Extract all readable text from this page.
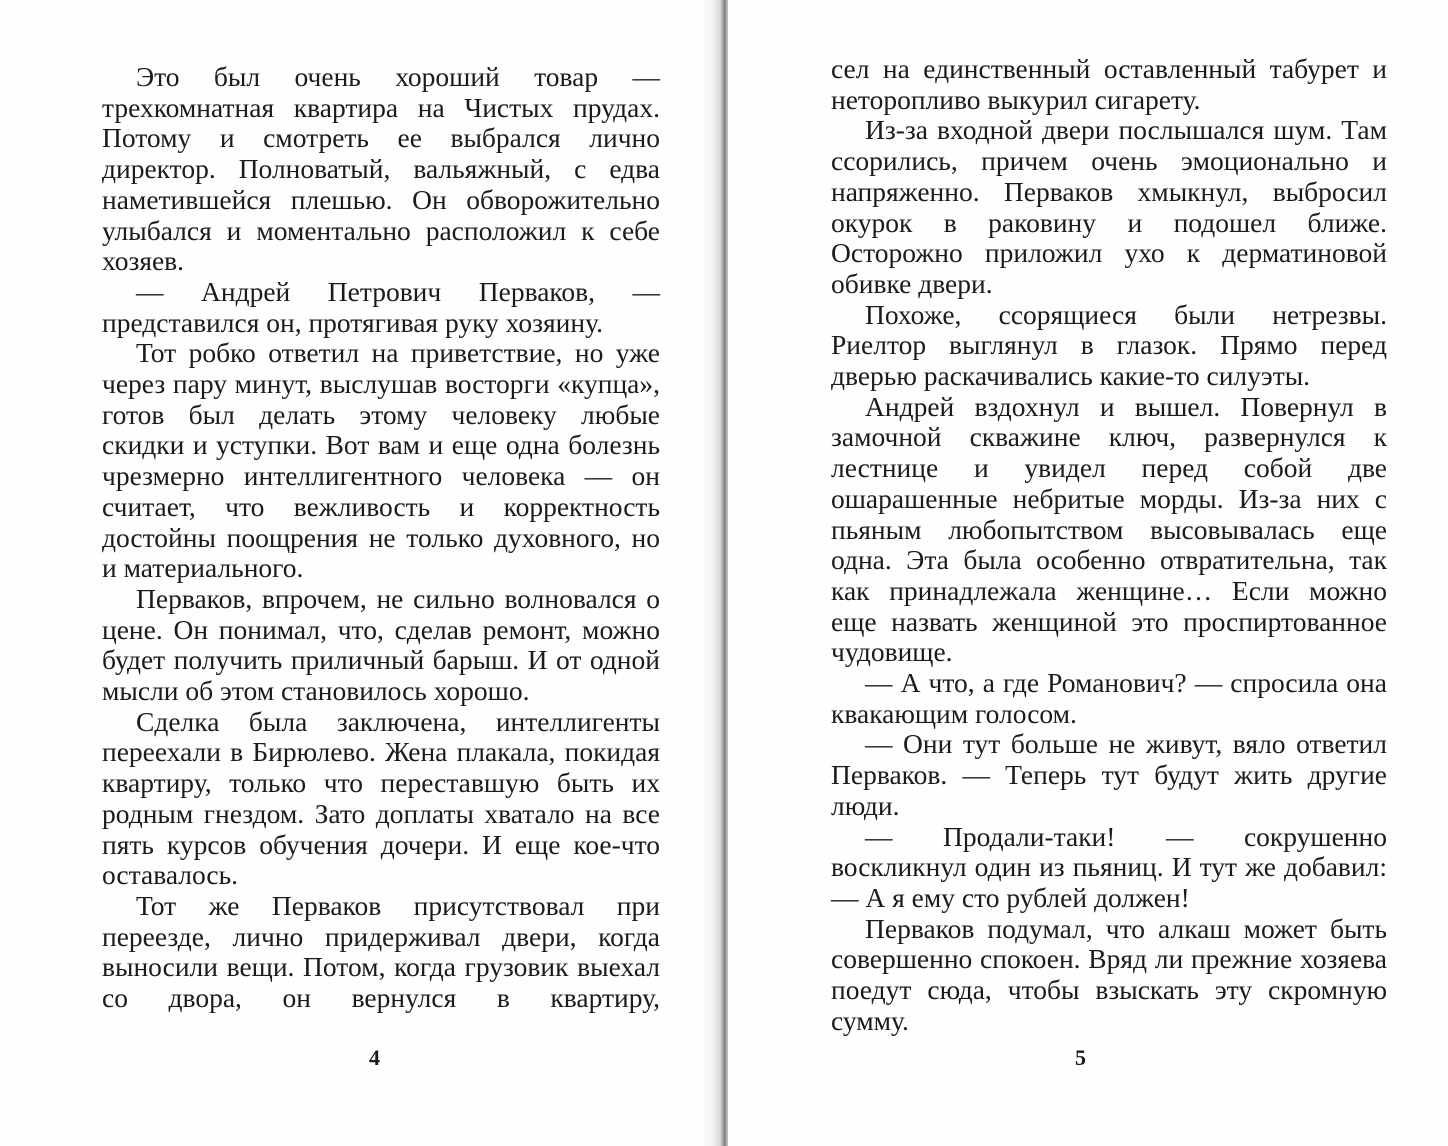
Это был очень хороший товар — трехкомнатная квартира на Чистых прудах. Потому и смотреть ее выбрался лично директор. Полноватый, вальяжный, с едва наметившейся плешью. Он обворожительно улыбался и моментально расположил к себе хозяев.

— Андрей Петрович Перваков, — представился он, протягивая руку хозяину.

Тот робко ответил на приветствие, но уже через пару минут, выслушав восторги «купца», готов был делать этому человеку любые скидки и уступки. Вот вам и еще одна болезнь чрезмерно интеллигентного человека — он считает, что вежливость и корректность достойны поощрения не только духовного, но и материального.

Перваков, впрочем, не сильно волновался о цене. Он понимал, что, сделав ремонт, можно будет получить приличный барыш. И от одной мысли об этом становилось хорошо.

Сделка была заключена, интеллигенты переехали в Бирюлево. Жена плакала, покидая квартиру, только что переставшую быть их родным гнездом. Зато доплаты хватало на все пять курсов обучения дочери. И еще кое-что оставалось.

Тот же Перваков присутствовал при переезде, лично придерживал двери, когда выносили вещи. Потом, когда грузовик выехал со двора, он вернулся в квартиру,

4

сел на единственный оставленный табурет и неторопливо выкурил сигарету.

Из-за входной двери послышался шум. Там ссорились, причем очень эмоционально и напряженно. Перваков хмыкнул, выбросил окурок в раковину и подошел ближе. Осторожно приложил ухо к дерматиновой обивке двери.

Похоже, ссорящиеся были нетрезвы. Риелтор выглянул в глазок. Прямо перед дверью раскачивались какие-то силуэты.

Андрей вздохнул и вышел. Повернул в замочной скважине ключ, развернулся к лестнице и увидел перед собой две ошарашенные небритые морды. Из-за них с пьяным любопытством высовывалась еще одна. Эта была особенно отвратительна, так как принадлежала женщине… Если можно еще назвать женщиной это проспиртованное чудовище.

— А что, а где Романович? — спросила она квакающим голосом.

— Они тут больше не живут, вяло ответил Перваков. — Теперь тут будут жить другие люди.

— Продали-таки! — сокрушенно воскликнул один из пьяниц. И тут же добавил: — А я ему сто рублей должен!

Перваков подумал, что алкаш может быть совершенно спокоен. Вряд ли прежние хозяева поедут сюда, чтобы взыскать эту скромную сумму.

5
